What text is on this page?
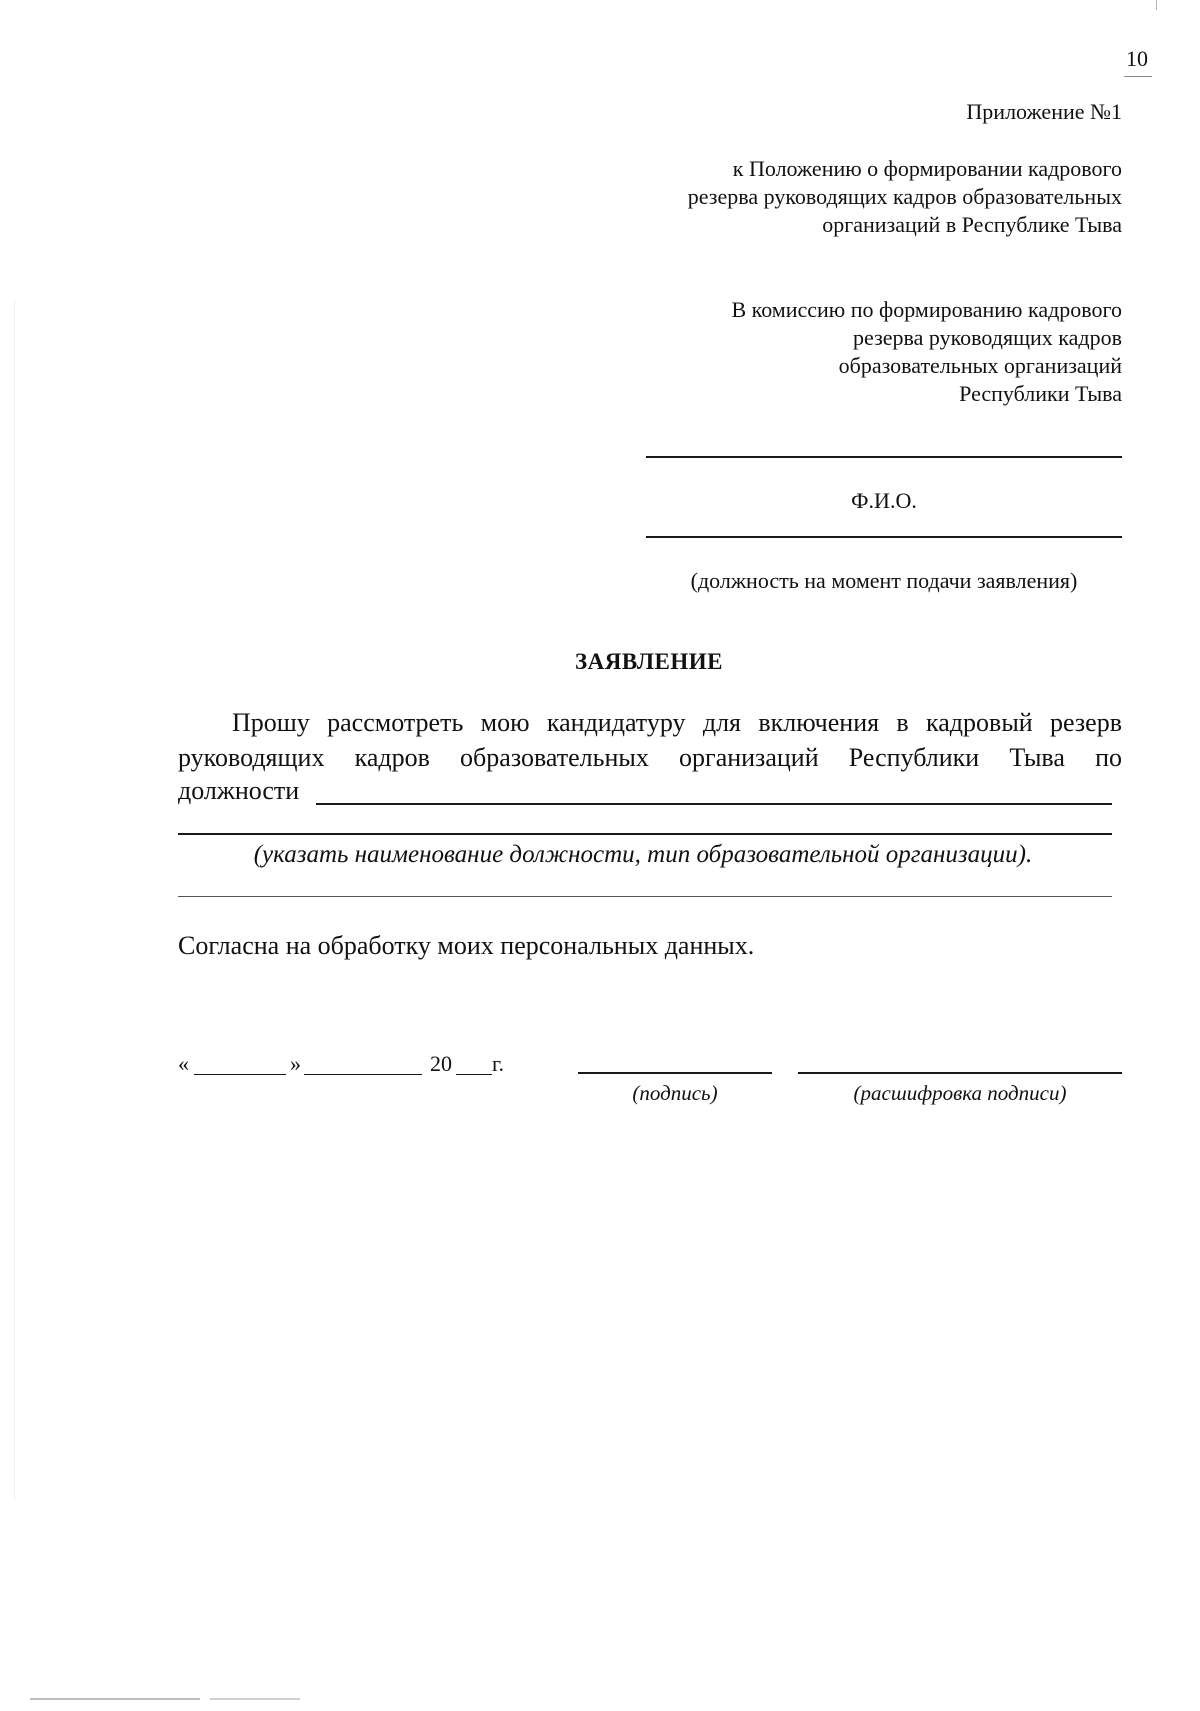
10
Приложение №1
к Положению о формировании кадрового
резерва руководящих кадров образовательных
организаций в Республике Тыва
В комиссию по формированию кадрового
резерва руководящих кадров
образовательных организаций
Республики Тыва
Ф.И.О.
(должность на момент подачи заявления)
ЗАЯВЛЕНИЕ
Прошу рассмотреть мою кандидатуру для включения в кадровый резерв
руководящих кадров образовательных организаций Республики Тыва по
должности
(указать наименование должности, тип образовательной организации).
Согласна на обработку моих персональных данных.
«	»	20 г.
(подпись)	(расшифровка подписи)
